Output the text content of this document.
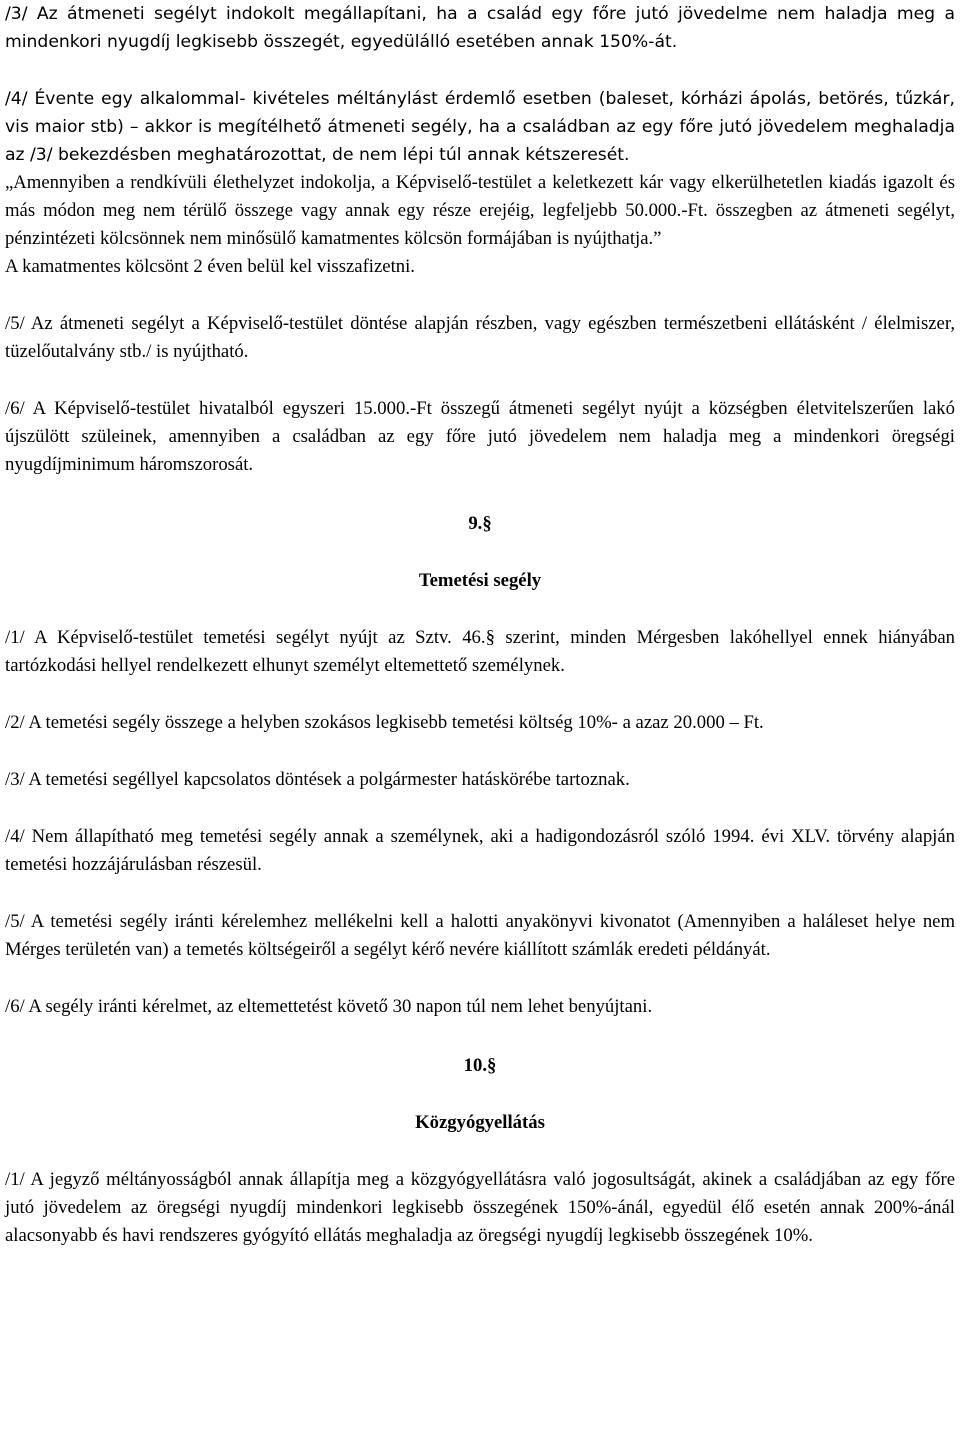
/3/ Az átmeneti segélyt indokolt megállapítani, ha a család egy főre jutó jövedelme nem haladja meg a mindenkori nyugdíj legkisebb összegét, egyedülálló esetében annak 150%-át.

/4/ Évente egy alkalommal- kivételes méltánylást érdemlő esetben (baleset, kórházi ápolás, betörés, tűzkár, vis maior stb) – akkor is megítélhető átmeneti segély, ha a családban az egy főre jutó jövedelem meghaladja az /3/ bekezdésben meghatározottat, de nem lépi túl annak kétszeresét.

„Amennyiben a rendkívüli élethelyzet indokolja, a Képviselő-testület a keletkezett kár vagy elkerülhetetlen kiadás igazolt és más módon meg nem térülő összege vagy annak egy része erejéig, legfeljebb 50.000.-Ft. összegben az átmeneti segélyt, pénzintézeti kölcsönnek nem minősülő kamatmentes kölcsön formájában is nyújthatja.”

A kamatmentes kölcsönt 2 éven belül kel visszafizetni.

/5/ Az átmeneti segélyt a Képviselő-testület döntése alapján részben, vagy egészben természetbeni ellátásként / élelmiszer, tüzelőutalvány stb./ is nyújtható.

/6/ A Képviselő-testület hivatalból egyszeri 15.000.-Ft összegű átmeneti segélyt nyújt a községben életvitelszerűen lakó újszülött szüleinek, amennyiben a családban az egy főre jutó jövedelem nem haladja meg a mindenkori öregségi nyugdíjminimum háromszorosát.

9.§

Temetési segély

/1/ A Képviselő-testület temetési segélyt nyújt az Sztv. 46.§ szerint, minden Mérgesben lakóhellyel ennek hiányában tartózkodási hellyel rendelkezett elhunyt személyt eltemettető személynek.

/2/ A temetési segély összege a helyben szokásos legkisebb temetési költség 10%- a azaz 20.000 – Ft.

/3/ A temetési segéllyel kapcsolatos döntések a polgármester hatáskörébe tartoznak.

/4/ Nem állapítható meg temetési segély annak a személynek, aki a hadigondozásról szóló 1994. évi XLV. törvény alapján temetési hozzájárulásban részesül.

/5/ A temetési segély iránti kérelemhez mellékelni kell a halotti anyakönyvi kivonatot (Amennyiben a haláleset helye nem Mérges területén van) a temetés költségeiről a segélyt kérő nevére kiállított számlák eredeti példányát.

/6/ A segély iránti kérelmet, az eltemettetést követő 30 napon túl nem lehet benyújtani.

10.§

Közgyógyellátás

/1/ A jegyző méltányosságból annak állapítja meg a közgyógyellátásra való jogosultságát, akinek a családjában az egy főre jutó jövedelem az öregségi nyugdíj mindenkori legkisebb összegének 150%-ánál, egyedül élő esetén annak 200%-ánál alacsonyabb és havi rendszeres gyógyító ellátás meghaladja az öregségi nyugdíj legkisebb összegének 10%.
